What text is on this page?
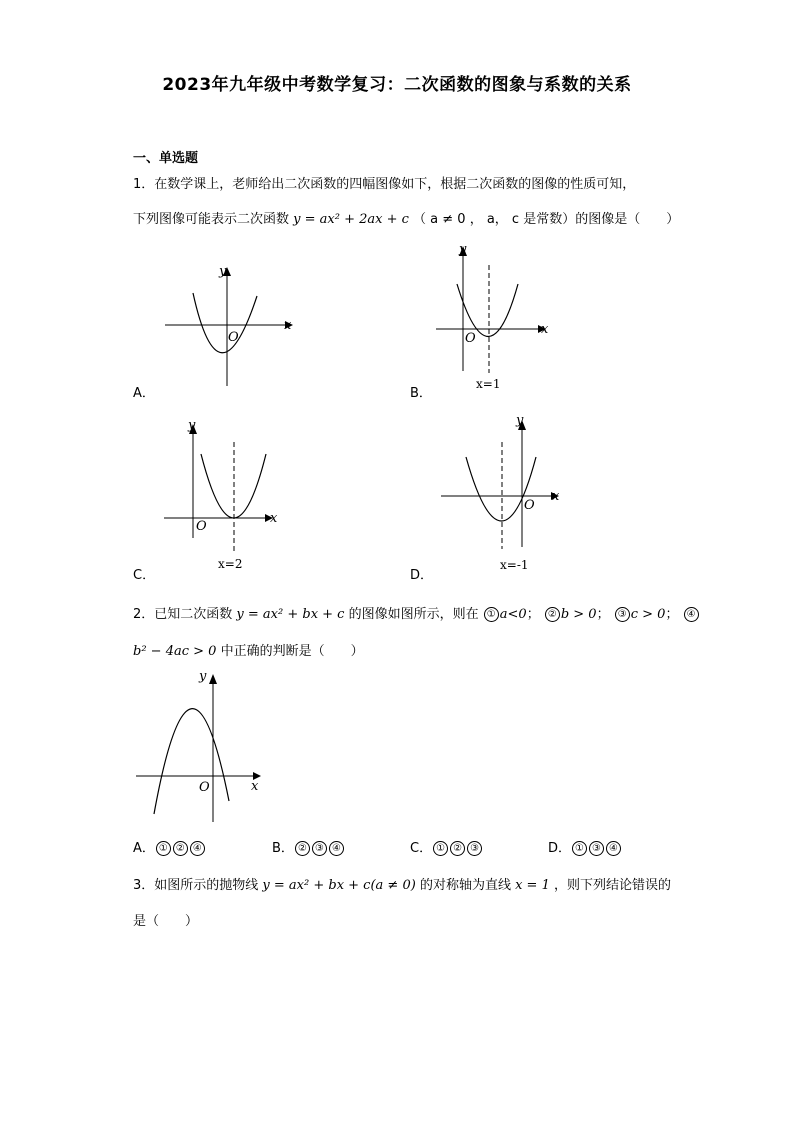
2023年九年级中考数学复习：二次函数的图象与系数的关系
一、单选题
1．在数学课上，老师给出二次函数的四幅图像如下，根据二次函数的图像的性质可知，
下列图像可能表示二次函数 y = ax² + 2ax + c （ a ≠ 0 ， a， c 是常数）的图像是（　　）
x
y
O
A．
x
y
O
x=1
B．
x
y
O
x=2
C．
x
y
O
x=-1
D．
2．已知二次函数 y = ax² + bx + c 的图像如图所示，则在 ① a<0； ② b > 0； ③ c > 0； ④
b² − 4ac > 0 中正确的判断是（　　）
x
y
O
A． ① ② ④	B． ② ③ ④	C． ① ② ③	D． ① ③ ④
3．如图所示的抛物线 y = ax² + bx + c(a ≠ 0) 的对称轴为直线 x = 1 ，则下列结论错误的
是（　　）
